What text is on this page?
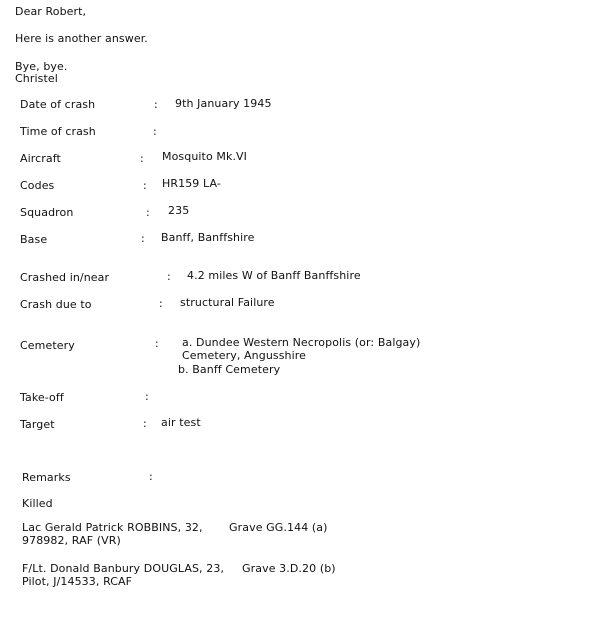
Dear Robert,
Here is another answer.
Bye, bye.
Christel
Date of crash	: 9th January 1945
Time of crash	:
Aircraft	: Mosquito Mk.VI
Codes	: HR159 LA-
Squadron	: 235
Base	: Banff, Banffshire
Crashed in/near	: 4.2 miles W of Banff Banffshire
Crash due to	: structural Failure
Cemetery	: a. Dundee Western Necropolis (or: Balgay)
Cemetery, Angusshire
b. Banff Cemetery
Take-off	:
Target	: air test
Remarks	:
Killed
Lac Gerald Patrick ROBBINS, 32, Grave GG.144 (a)
978982, RAF (VR)
F/Lt. Donald Banbury DOUGLAS, 23, Grave 3.D.20 (b)
Pilot, J/14533, RCAF
